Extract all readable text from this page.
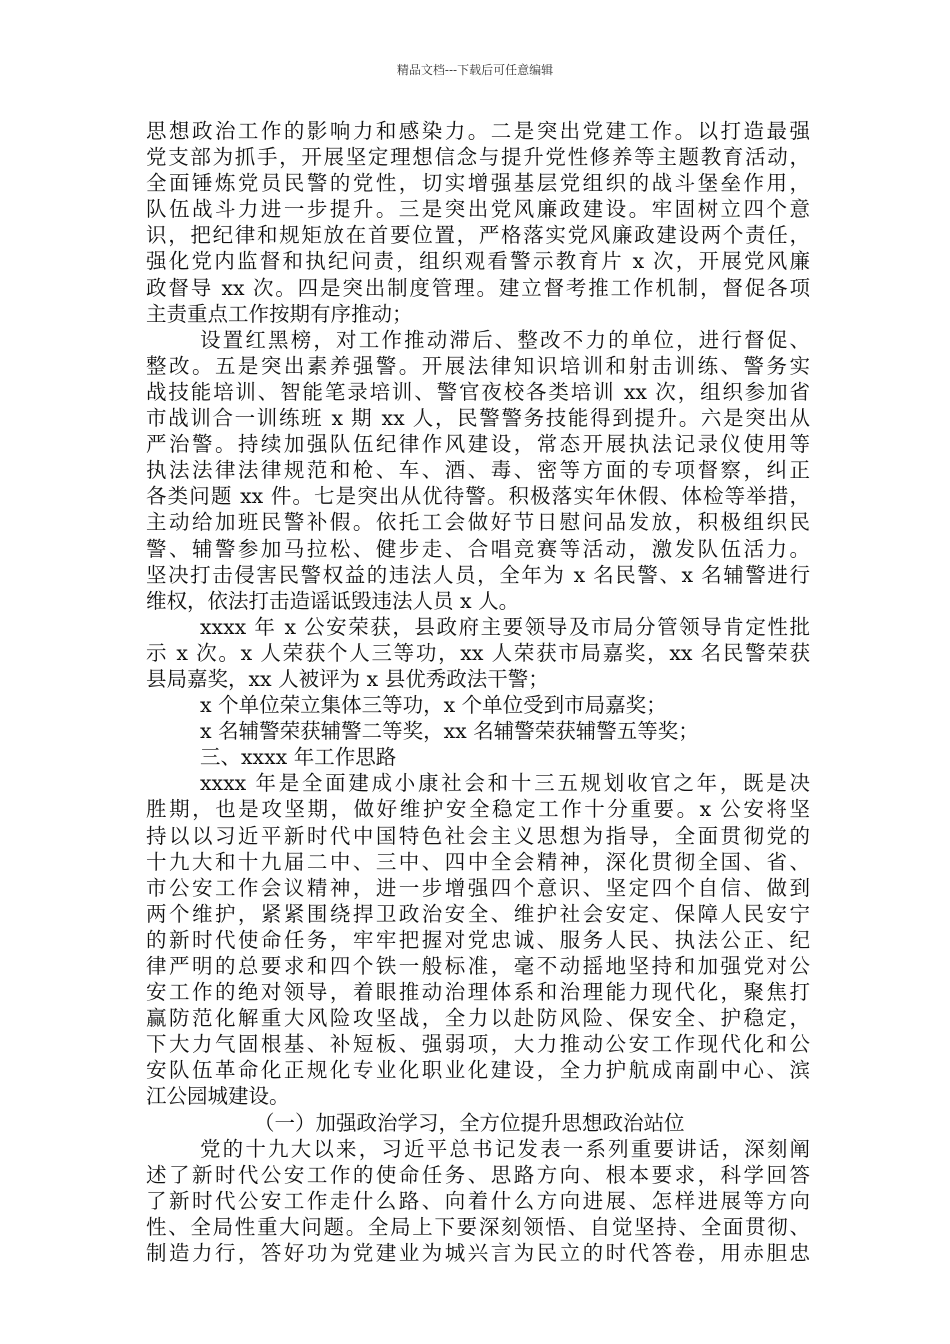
精品文档---下载后可任意编辑
思想政治工作的影响力和感染力。二是突出党建工作。以打造最强
党支部为抓手，开展坚定理想信念与提升党性修养等主题教育活动，
全面锤炼党员民警的党性，切实增强基层党组织的战斗堡垒作用，
队伍战斗力进一步提升。三是突出党风廉政建设。牢固树立四个意
识，把纪律和规矩放在首要位置，严格落实党风廉政建设两个责任，
强化党内监督和执纪问责，组织观看警示教育片 x 次，开展党风廉
政督导 xx 次。四是突出制度管理。建立督考推工作机制，督促各项
主责重点工作按期有序推动；
设置红黑榜，对工作推动滞后、整改不力的单位，进行督促、
整改。五是突出素养强警。开展法律知识培训和射击训练、警务实
战技能培训、智能笔录培训、警官夜校各类培训 xx 次，组织参加省
市战训合一训练班 x 期 xx 人，民警警务技能得到提升。六是突出从
严治警。持续加强队伍纪律作风建设，常态开展执法记录仪使用等
执法法律法律规范和枪、车、酒、毒、密等方面的专项督察，纠正
各类问题 xx 件。七是突出从优待警。积极落实年休假、体检等举措，
主动给加班民警补假。依托工会做好节日慰问品发放，积极组织民
警、辅警参加马拉松、健步走、合唱竞赛等活动，激发队伍活力。
坚决打击侵害民警权益的违法人员，全年为 x 名民警、x 名辅警进行
维权，依法打击造谣诋毁违法人员 x 人。
xxxx 年 x 公安荣获，县政府主要领导及市局分管领导肯定性批
示 x 次。x 人荣获个人三等功，xx 人荣获市局嘉奖，xx 名民警荣获
县局嘉奖，xx 人被评为 x 县优秀政法干警；
x 个单位荣立集体三等功，x 个单位受到市局嘉奖；
x 名辅警荣获辅警二等奖，xx 名辅警荣获辅警五等奖；
三、xxxx 年工作思路
xxxx 年是全面建成小康社会和十三五规划收官之年，既是决
胜期，也是攻坚期，做好维护安全稳定工作十分重要。x 公安将坚
持以以习近平新时代中国特色社会主义思想为指导，全面贯彻党的
十九大和十九届二中、三中、四中全会精神，深化贯彻全国、省、
市公安工作会议精神，进一步增强四个意识、坚定四个自信、做到
两个维护，紧紧围绕捍卫政治安全、维护社会安定、保障人民安宁
的新时代使命任务，牢牢把握对党忠诚、服务人民、执法公正、纪
律严明的总要求和四个铁一般标准，毫不动摇地坚持和加强党对公
安工作的绝对领导，着眼推动治理体系和治理能力现代化，聚焦打
赢防范化解重大风险攻坚战，全力以赴防风险、保安全、护稳定，
下大力气固根基、补短板、强弱项，大力推动公安工作现代化和公
安队伍革命化正规化专业化职业化建设，全力护航成南副中心、滨
江公园城建设。
（一）加强政治学习，全方位提升思想政治站位
党的十九大以来，习近平总书记发表一系列重要讲话，深刻阐
述了新时代公安工作的使命任务、思路方向、根本要求，科学回答
了新时代公安工作走什么路、向着什么方向进展、怎样进展等方向
性、全局性重大问题。全局上下要深刻领悟、自觉坚持、全面贯彻、
制造力行，答好功为党建业为城兴言为民立的时代答卷，用赤胆忠
